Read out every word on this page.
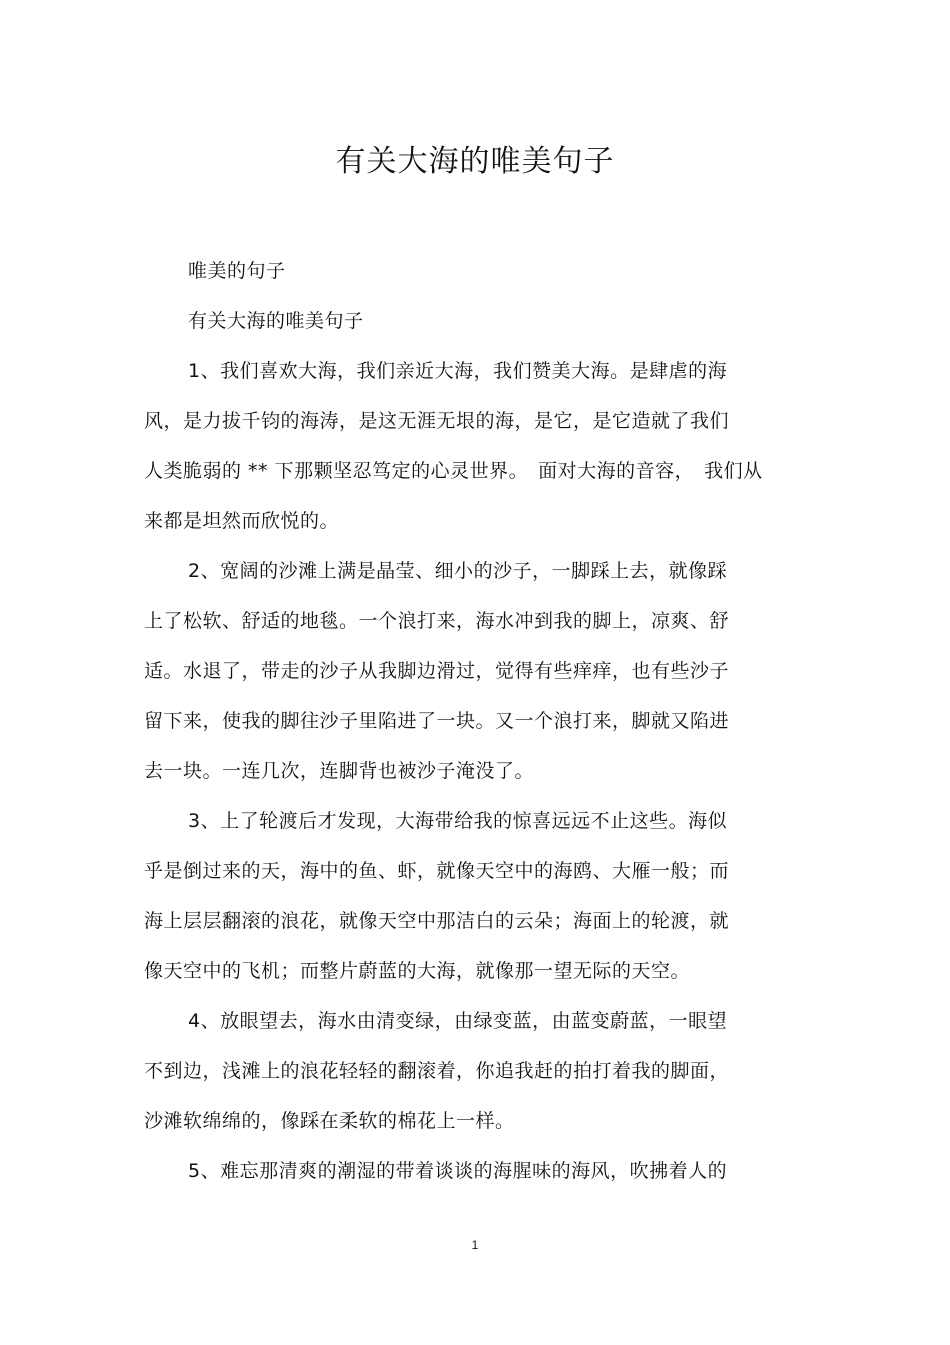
有关大海的唯美句子
唯美的句子
有关大海的唯美句子
1、我们喜欢大海，我们亲近大海，我们赞美大海。是肆虐的海
风，是力拔千钧的海涛，是这无涯无垠的海，是它，是它造就了我们
人类脆弱的 ** 下那颗坚忍笃定的心灵世界。　面对大海的音容，　我们从
来都是坦然而欣悦的。
2、宽阔的沙滩上满是晶莹、细小的沙子，一脚踩上去，就像踩
上了松软、舒适的地毯。一个浪打来，海水冲到我的脚上，凉爽、舒
适。水退了，带走的沙子从我脚边滑过，觉得有些痒痒，也有些沙子
留下来，使我的脚往沙子里陷进了一块。又一个浪打来，脚就又陷进
去一块。一连几次，连脚背也被沙子淹没了。
3、上了轮渡后才发现，大海带给我的惊喜远远不止这些。海似
乎是倒过来的天，海中的鱼、虾，就像天空中的海鸥、大雁一般；而
海上层层翻滚的浪花，就像天空中那洁白的云朵；海面上的轮渡，就
像天空中的飞机；而整片蔚蓝的大海，就像那一望无际的天空。
4、放眼望去，海水由清变绿，由绿变蓝，由蓝变蔚蓝，一眼望
不到边，浅滩上的浪花轻轻的翻滚着，你追我赶的拍打着我的脚面，
沙滩软绵绵的，像踩在柔软的棉花上一样。
5、难忘那清爽的潮湿的带着谈谈的海腥味的海风，吹拂着人的
1
